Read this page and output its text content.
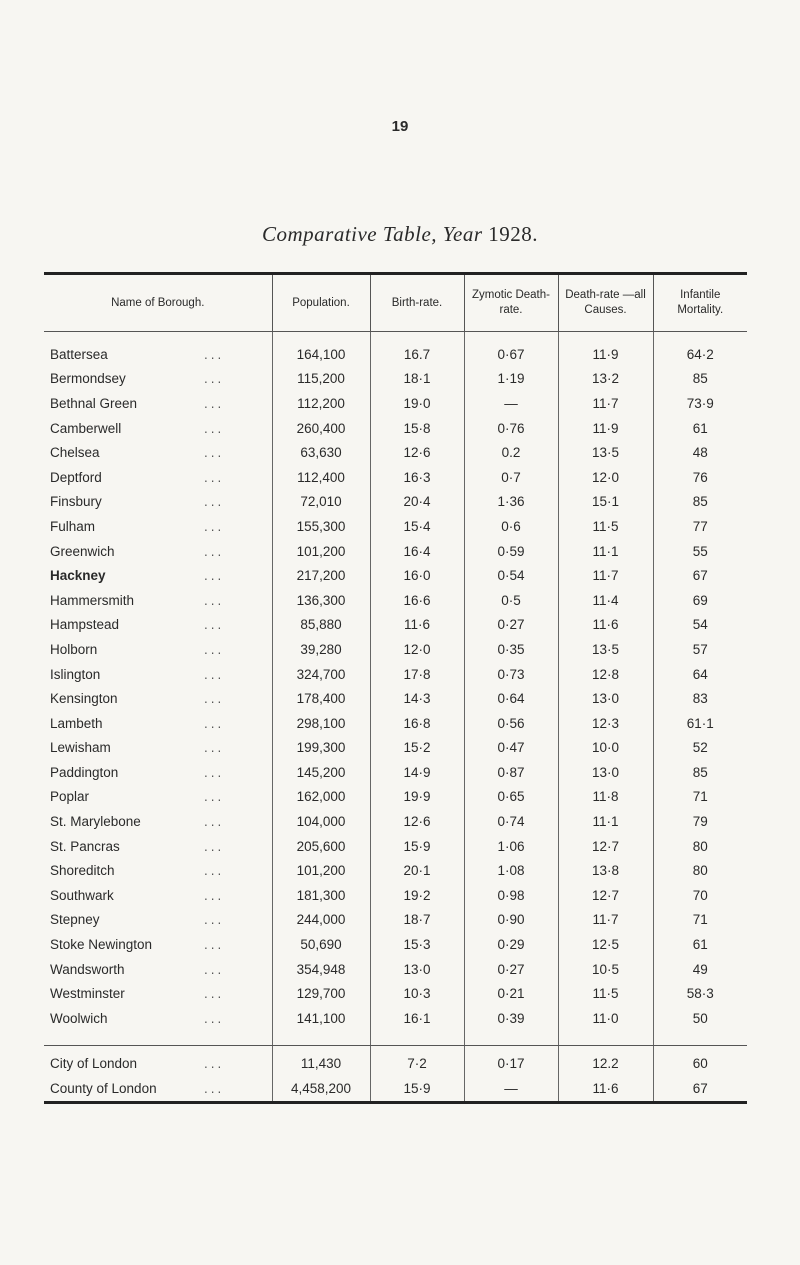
19
Comparative Table, Year 1928.
Name of Borough.	Population.	Birth-rate.	Zymotic Death-rate.	Death-rate —all Causes.	Infantile Mortality.

Battersea ...	164,100	16.7	0·67	11·9	64·2
Bermondsey ...	115,200	18·1	1·19	13·2	85
Bethnal Green ...	112,200	19·0	—	11·7	73·9
Camberwell ...	260,400	15·8	0·76	11·9	61
Chelsea ...	63,630	12·6	0.2	13·5	48
Deptford ...	112,400	16·3	0·7	12·0	76
Finsbury ...	72,010	20·4	1·36	15·1	85
Fulham ...	155,300	15·4	0·6	11·5	77
Greenwich ...	101,200	16·4	0·59	11·1	55
Hackney ...	217,200	16·0	0·54	11·7	67
Hammersmith ...	136,300	16·6	0·5	11·4	69
Hampstead ...	85,880	11·6	0·27	11·6	54
Holborn ...	39,280	12·0	0·35	13·5	57
Islington ...	324,700	17·8	0·73	12·8	64
Kensington ...	178,400	14·3	0·64	13·0	83
Lambeth ...	298,100	16·8	0·56	12·3	61·1
Lewisham ...	199,300	15·2	0·47	10·0	52
Paddington ...	145,200	14·9	0·87	13·0	85
Poplar ...	162,000	19·9	0·65	11·8	71
St. Marylebone ...	104,000	12·6	0·74	11·1	79
St. Pancras ...	205,600	15·9	1·06	12·7	80
Shoreditch ...	101,200	20·1	1·08	13·8	80
Southwark ...	181,300	19·2	0·98	12·7	70
Stepney ...	244,000	18·7	0·90	11·7	71
Stoke Newington ...	50,690	15·3	0·29	12·5	61
Wandsworth ...	354,948	13·0	0·27	10·5	49
Westminster ...	129,700	10·3	0·21	11·5	58·3
Woolwich ...	141,100	16·1	0·39	11·0	50

City of London ...	11,430	7·2	0·17	12.2	60
County of London ...	4,458,200	15·9	—	11·6	67
